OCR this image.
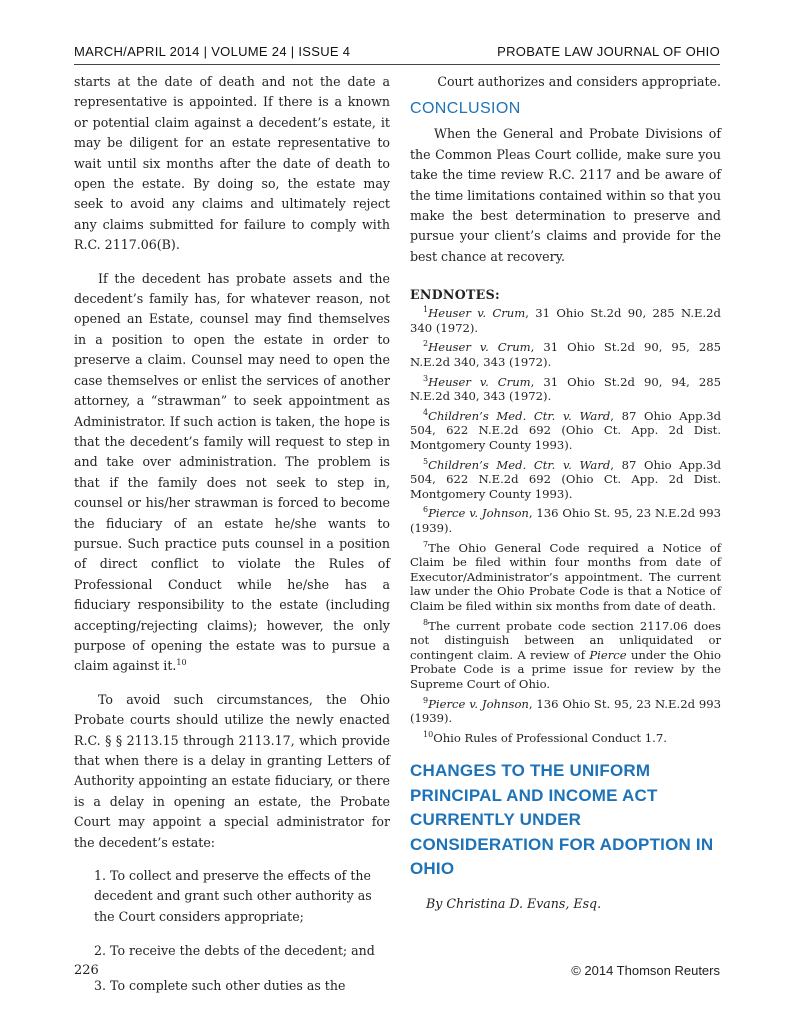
MARCH/APRIL 2014 | VOLUME 24 | ISSUE 4	PROBATE LAW JOURNAL OF OHIO

starts at the date of death and not the date a representative is appointed. If there is a known or potential claim against a decedent’s estate, it may be diligent for an estate representative to wait until six months after the date of death to open the estate. By doing so, the estate may seek to avoid any claims and ultimately reject any claims submitted for failure to comply with R.C. 2117.06(B).

If the decedent has probate assets and the decedent’s family has, for whatever reason, not opened an Estate, counsel may find themselves in a position to open the estate in order to preserve a claim. Counsel may need to open the case themselves or enlist the services of another attorney, a “strawman” to seek appointment as Administrator. If such action is taken, the hope is that the decedent’s family will request to step in and take over administration. The problem is that if the family does not seek to step in, counsel or his/her strawman is forced to become the fiduciary of an estate he/she wants to pursue. Such practice puts counsel in a position of direct conflict to violate the Rules of Professional Conduct while he/she has a fiduciary responsibility to the estate (including accepting/rejecting claims); however, the only purpose of opening the estate was to pursue a claim against it.$^{10}$

To avoid such circumstances, the Ohio Probate courts should utilize the newly enacted R.C. § § 2113.15 through 2113.17, which provide that when there is a delay in granting Letters of Authority appointing an estate fiduciary, or there is a delay in opening an estate, the Probate Court may appoint a special administrator for the decedent’s estate:

1. To collect and preserve the effects of the decedent and grant such other authority as the Court considers appropriate;
2. To receive the debts of the decedent; and
3. To complete such other duties as the

Court authorizes and considers appropriate.

CONCLUSION

When the General and Probate Divisions of the Common Pleas Court collide, make sure you take the time review R.C. 2117 and be aware of the time limitations contained within so that you make the best determination to preserve and pursue your client’s claims and provide for the best chance at recovery.

ENDNOTES:

$^1$Heuser v. Crum, 31 Ohio St.2d 90, 285 N.E.2d 340 (1972).

$^2$Heuser v. Crum, 31 Ohio St.2d 90, 95, 285 N.E.2d 340, 343 (1972).

$^3$Heuser v. Crum, 31 Ohio St.2d 90, 94, 285 N.E.2d 340, 343 (1972).

$^4$Children’s Med. Ctr. v. Ward, 87 Ohio App.3d 504, 622 N.E.2d 692 (Ohio Ct. App. 2d Dist. Montgomery County 1993).

$^5$Children’s Med. Ctr. v. Ward, 87 Ohio App.3d 504, 622 N.E.2d 692 (Ohio Ct. App. 2d Dist. Montgomery County 1993).

$^6$Pierce v. Johnson, 136 Ohio St. 95, 23 N.E.2d 993 (1939).

$^7$The Ohio General Code required a Notice of Claim be filed within four months from date of Executor/Administrator’s appointment. The current law under the Ohio Probate Code is that a Notice of Claim be filed within six months from date of death.

$^8$The current probate code section 2117.06 does not distinguish between an unliquidated or contingent claim. A review of Pierce under the Ohio Probate Code is a prime issue for review by the Supreme Court of Ohio.

$^9$Pierce v. Johnson, 136 Ohio St. 95, 23 N.E.2d 993 (1939).

$^{10}$Ohio Rules of Professional Conduct 1.7.

CHANGES TO THE UNIFORM PRINCIPAL AND INCOME ACT CURRENTLY UNDER CONSIDERATION FOR ADOPTION IN OHIO
By Christina D. Evans, Esq.
226	© 2014 Thomson Reuters
